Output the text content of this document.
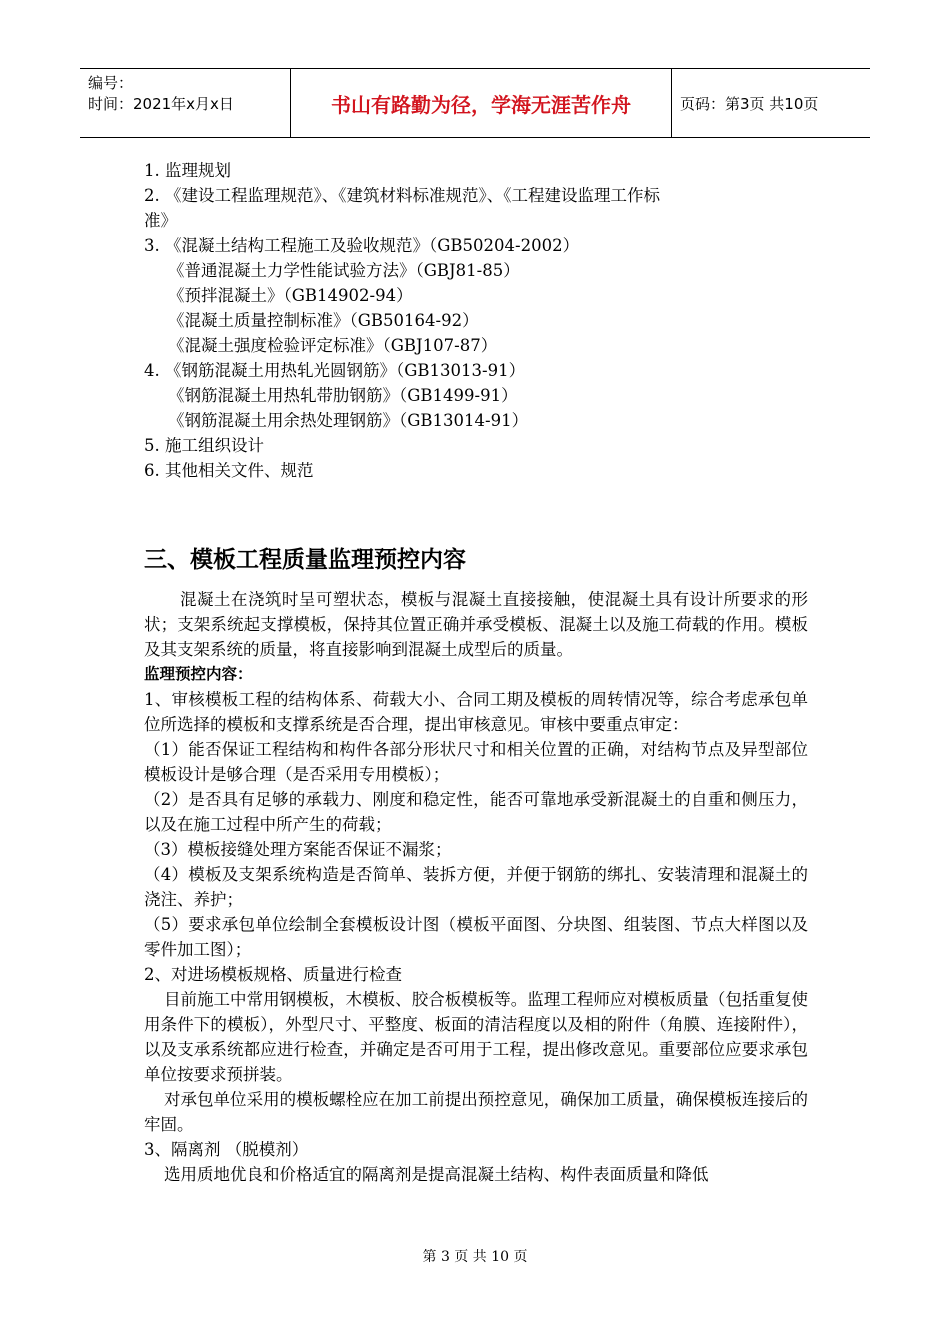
编号：
时间：2021年x月x日	书山有路勤为径，学海无涯苦作舟	页码：第3页 共10页
1. 监理规划
2. 《建设工程监理规范》、《建筑材料标准规范》、《工程建设监理工作标
准》
3. 《混凝土结构工程施工及验收规范》（GB50204-2002）
《普通混凝土力学性能试验方法》（GBJ81-85）
《预拌混凝土》（GB14902-94）
《混凝土质量控制标准》（GB50164-92）
《混凝土强度检验评定标准》（GBJ107-87）
4. 《钢筋混凝土用热轧光圆钢筋》（GB13013-91）
《钢筋混凝土用热轧带肋钢筋》（GB1499-91）
《钢筋混凝土用余热处理钢筋》（GB13014-91）
5. 施工组织设计
6. 其他相关文件、规范
三、模板工程质量监理预控内容
混凝土在浇筑时呈可塑状态，模板与混凝土直接接触，使混凝土具有设计所要求的形状；支架系统起支撑模板，保持其位置正确并承受模板、混凝土以及施工荷载的作用。模板及其支架系统的质量，将直接影响到混凝土成型后的质量。
监理预控内容：
1、审核模板工程的结构体系、荷载大小、合同工期及模板的周转情况等，综合考虑承包单位所选择的模板和支撑系统是否合理，提出审核意见。审核中要重点审定：
（1）能否保证工程结构和构件各部分形状尺寸和相关位置的正确，对结构节点及异型部位模板设计是够合理（是否采用专用模板）；
（2）是否具有足够的承载力、刚度和稳定性，能否可靠地承受新混凝土的自重和侧压力，以及在施工过程中所产生的荷载；
（3）模板接缝处理方案能否保证不漏浆；
（4）模板及支架系统构造是否简单、装拆方便，并便于钢筋的绑扎、安装清理和混凝土的浇注、养护；
（5）要求承包单位绘制全套模板设计图（模板平面图、分块图、组装图、节点大样图以及零件加工图）；
2、对进场模板规格、质量进行检查
目前施工中常用钢模板，木模板、胶合板模板等。监理工程师应对模板质量（包括重复使用条件下的模板），外型尺寸、平整度、板面的清洁程度以及相的附件（角膜、连接附件），以及支承系统都应进行检查，并确定是否可用于工程，提出修改意见。重要部位应要求承包单位按要求预拼装。
对承包单位采用的模板螺栓应在加工前提出预控意见，确保加工质量，确保模板连接后的牢固。
3、隔离剂 （脱模剂）
选用质地优良和价格适宜的隔离剂是提高混凝土结构、构件表面质量和降低
第 3 页 共 10 页
